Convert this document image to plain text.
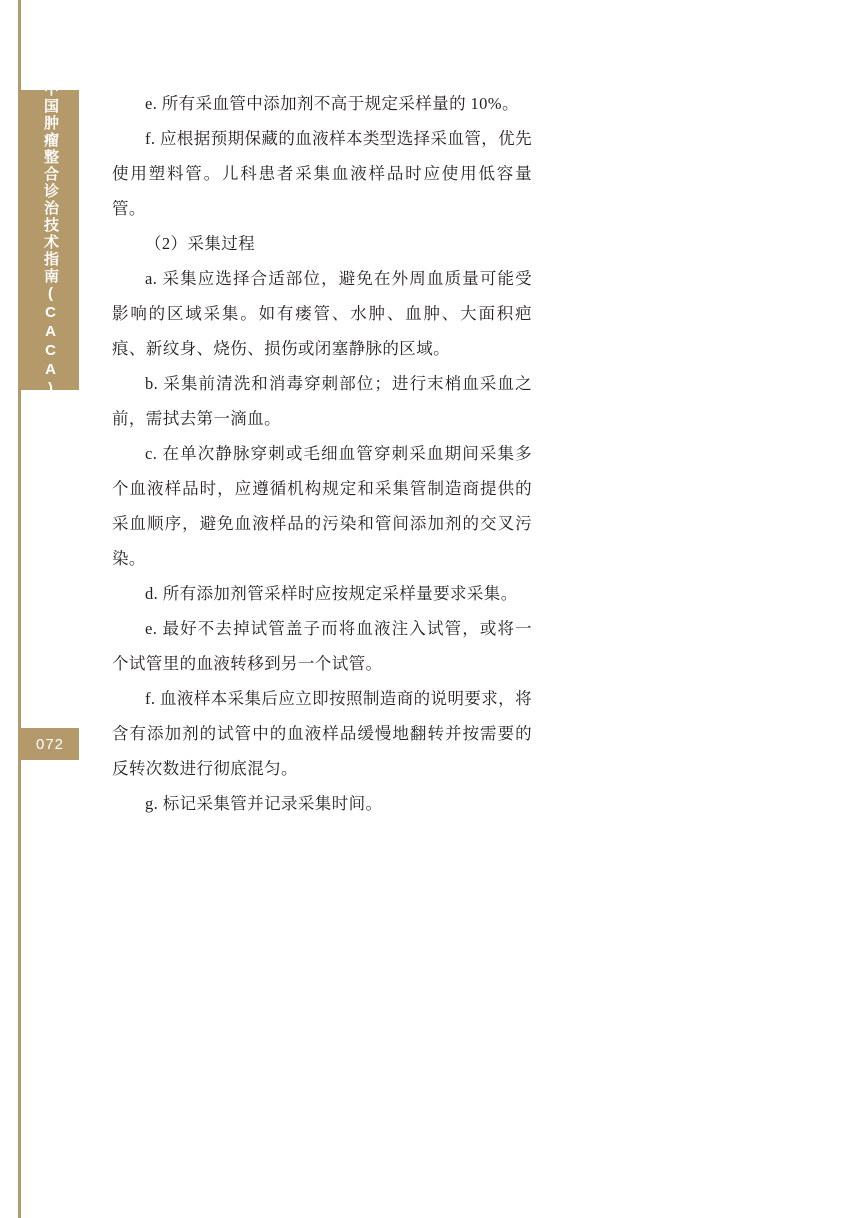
中国肿瘤整合诊治技术指南(CACA)
072

e. 所有采血管中添加剂不高于规定采样量的 10%。

f. 应根据预期保藏的血液样本类型选择采血管，优先使用塑料管。儿科患者采集血液样品时应使用低容量管。

（2）采集过程

a. 采集应选择合适部位，避免在外周血质量可能受影响的区域采集。如有瘘管、水肿、血肿、大面积疤痕、新纹身、烧伤、损伤或闭塞静脉的区域。

b. 采集前清洗和消毒穿刺部位；进行末梢血采血之前，需拭去第一滴血。

c. 在单次静脉穿刺或毛细血管穿刺采血期间采集多个血液样品时，应遵循机构规定和采集管制造商提供的采血顺序，避免血液样品的污染和管间添加剂的交叉污染。

d. 所有添加剂管采样时应按规定采样量要求采集。

e. 最好不去掉试管盖子而将血液注入试管，或将一个试管里的血液转移到另一个试管。

f. 血液样本采集后应立即按照制造商的说明要求，将含有添加剂的试管中的血液样品缓慢地翻转并按需要的反转次数进行彻底混匀。

g. 标记采集管并记录采集时间。
